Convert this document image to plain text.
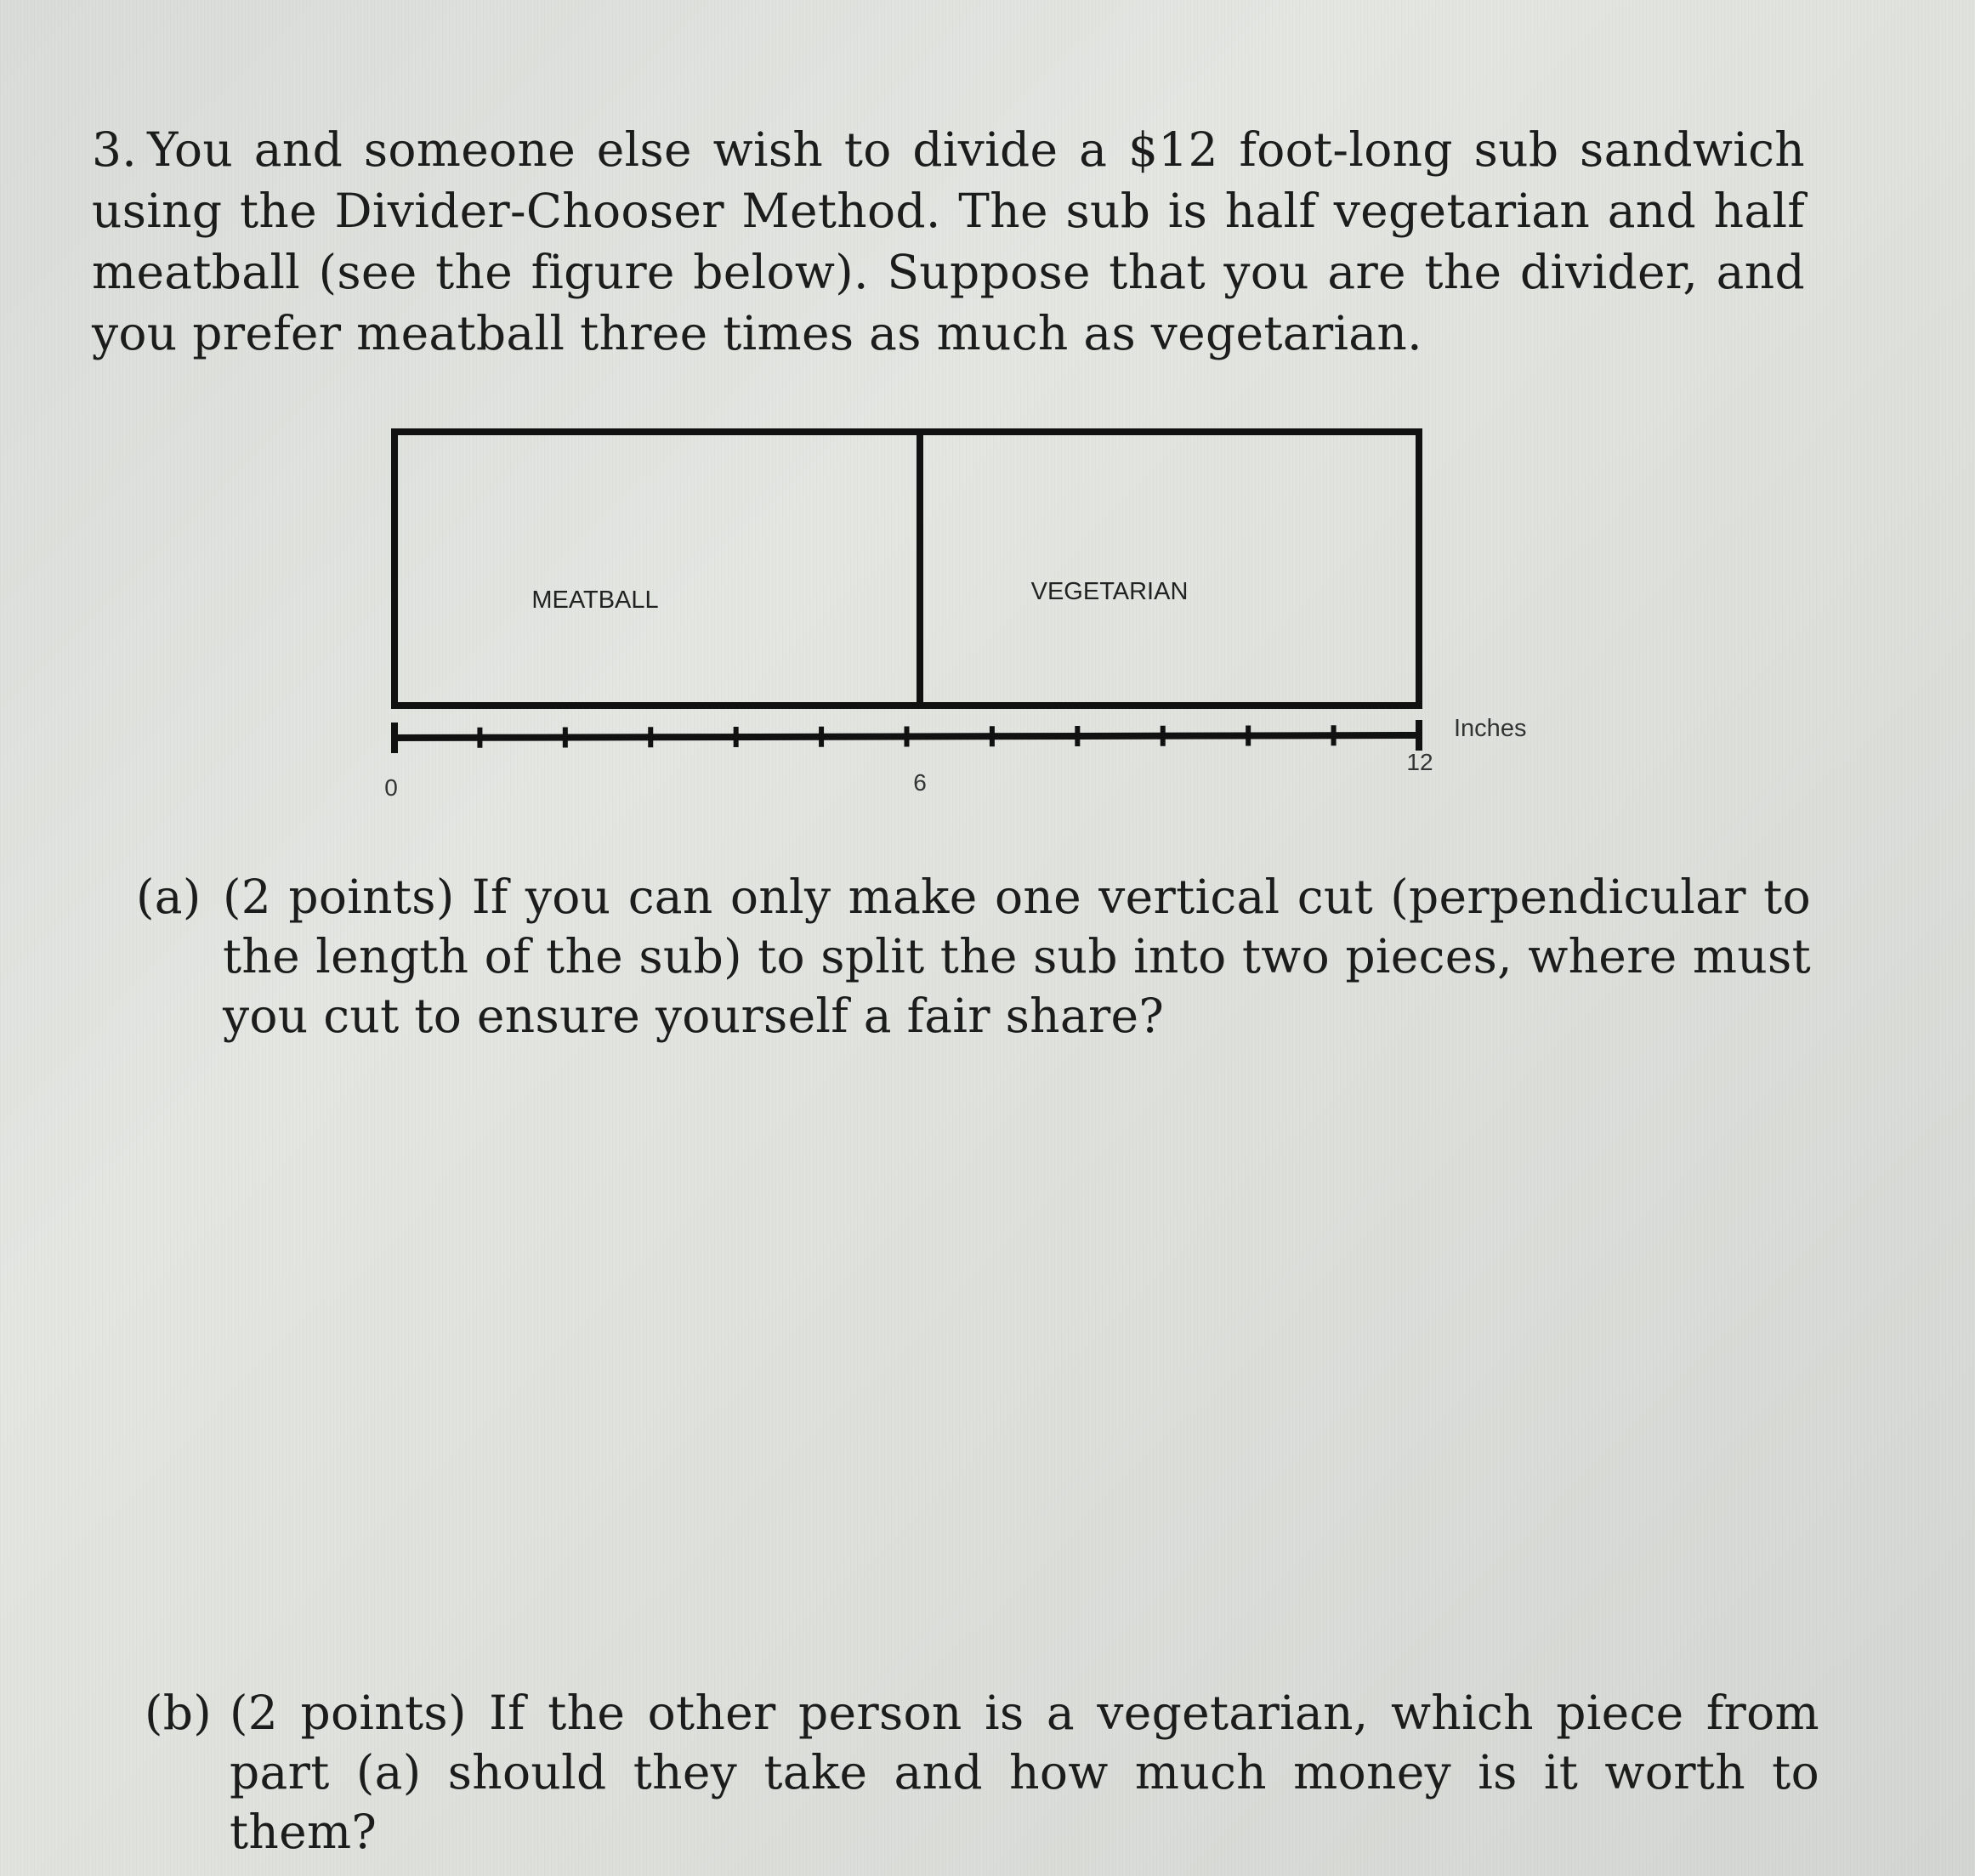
3. You and someone else wish to divide a $12 foot-long sub sandwich using the Divider-Chooser Method. The sub is half vegetarian and half meatball (see the figure below). Suppose that you are the divider, and you prefer meatball three times as much as vegetarian.
MEATBALL	VEGETARIAN
0	6
12
Inches
(a) (2 points) If you can only make one vertical cut (perpendicular to the length of the sub) to split the sub into two pieces, where must you cut to ensure yourself a fair share?
(b) (2 points) If the other person is a vegetarian, which piece from part (a) should they take and how much money is it worth to them?
